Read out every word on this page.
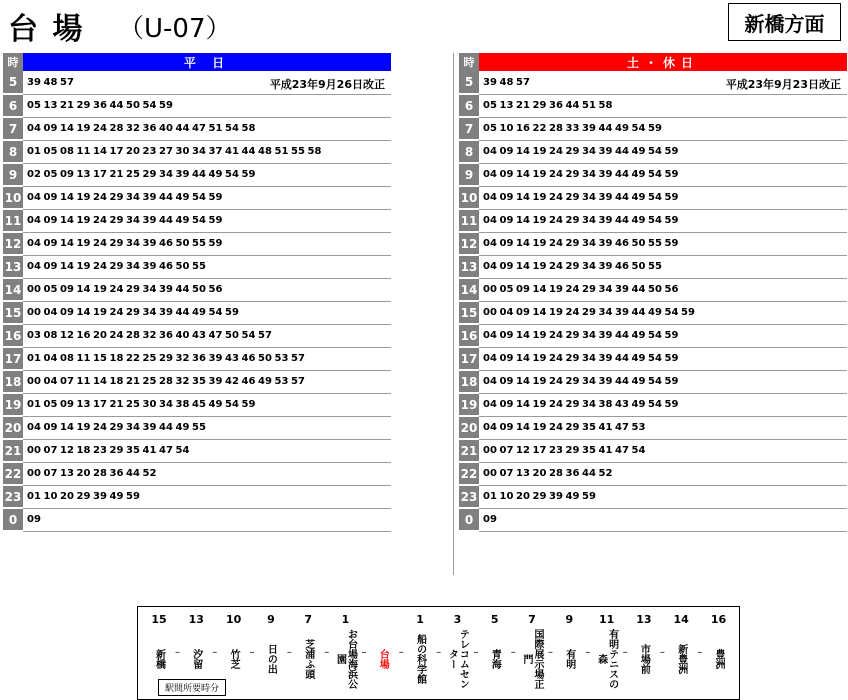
台 場 （U-07）	新橋方面
時	平 日
5	39 48 57 平成23年9月26日改正

6	05 13 21 29 36 44 50 54 59
7	04 09 14 19 24 28 32 36 40 44 47 51 54 58
8	01 05 08 11 14 17 20 23 27 30 34 37 41 44 48 51 55 58
9	02 05 09 13 17 21 25 29 34 39 44 49 54 59
10	04 09 14 19 24 29 34 39 44 49 54 59
11	04 09 14 19 24 29 34 39 44 49 54 59
12	04 09 14 19 24 29 34 39 46 50 55 59
13	04 09 14 19 24 29 34 39 46 50 55
14	00 05 09 14 19 24 29 34 39 44 50 56
15	00 04 09 14 19 24 29 34 39 44 49 54 59
16	03 08 12 16 20 24 28 32 36 40 43 47 50 54 57
17	01 04 08 11 15 18 22 25 29 32 36 39 43 46 50 53 57
18	00 04 07 11 14 18 21 25 28 32 35 39 42 46 49 53 57
19	01 05 09 13 17 21 25 30 34 38 45 49 54 59
20	04 09 14 19 24 29 34 39 44 49 55
21	00 07 12 18 23 29 35 41 47 54
22	00 07 13 20 28 36 44 52
23	01 10 20 29 39 49 59
0	09
時	土・休日
5	39 48 57 平成23年9月23日改正

6	05 13 21 29 36 44 51 58
7	05 10 16 22 28 33 39 44 49 54 59
8	04 09 14 19 24 29 34 39 44 49 54 59
9	04 09 14 19 24 29 34 39 44 49 54 59
10	04 09 14 19 24 29 34 39 44 49 54 59
11	04 09 14 19 24 29 34 39 44 49 54 59
12	04 09 14 19 24 29 34 39 46 50 55 59
13	04 09 14 19 24 29 34 39 46 50 55
14	00 05 09 14 19 24 29 34 39 44 50 56
15	00 04 09 14 19 24 29 34 39 44 49 54 59
16	04 09 14 19 24 29 34 39 44 49 54 59
17	04 09 14 19 24 29 34 39 44 49 54 59
18	04 09 14 19 24 29 34 39 44 49 54 59
19	04 09 14 19 24 29 34 38 43 49 54 59
20	04 09 14 19 24 29 35 41 47 53
21	00 07 12 17 23 29 35 41 47 54
22	00 07 13 20 28 36 44 52
23	01 10 20 29 39 49 59
0	09
駅間所要時分
15
新橋 –
13
汐留 –
10
竹芝 –
9
日の出 –
7
芝浦ふ頭 –
1
お台場海浜公園
– 台場 –
1
船の科学館 –
3
テレコムセンター	–
5
青海 –
7
国際展示場正門
–
9
有明 –
11
有明テニスの森
–
13
市場前 –
14
新豊洲 –
16
豊洲
